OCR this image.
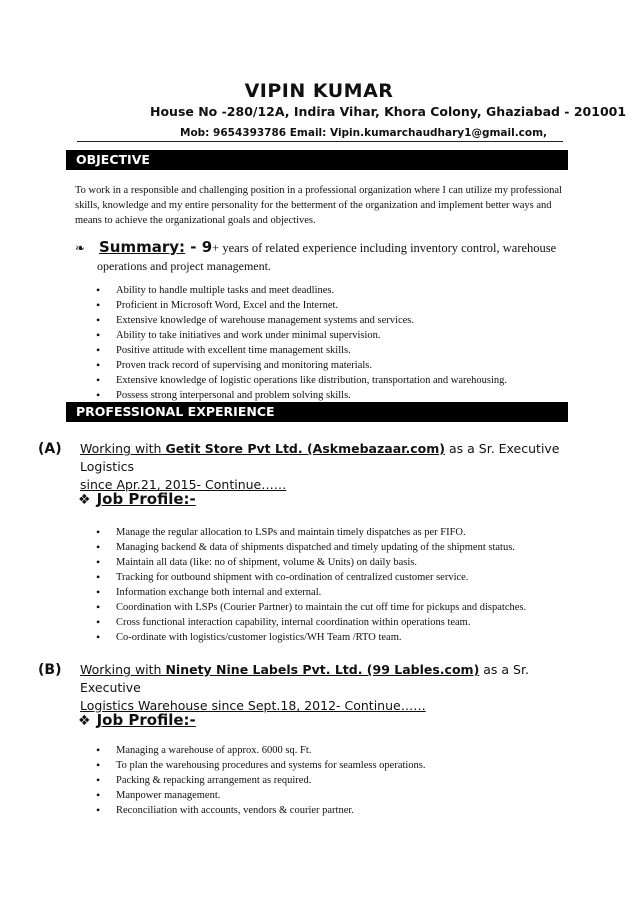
VIPIN KUMAR
House No -280/12A, Indira Vihar, Khora Colony, Ghaziabad - 201001
Mob: 9654393786 Email: Vipin.kumarchaudhary1@gmail.com,
OBJECTIVE
To work in a responsible and challenging position in a professional organization where I can utilize my professional skills, knowledge and my entire personality for the betterment of the organization and implement better ways and means to achieve the organizational goals and objectives.
❧ Summary: - 9+ years of related experience including inventory control, warehouse
operations and project management.
• Ability to handle multiple tasks and meet deadlines.
• Proficient in Microsoft Word, Excel and the Internet.
• Extensive knowledge of warehouse management systems and services.
• Ability to take initiatives and work under minimal supervision.
• Positive attitude with excellent time management skills.
• Proven track record of supervising and monitoring materials.
• Extensive knowledge of logistic operations like distribution, transportation and warehousing.
• Possess strong interpersonal and problem solving skills.
PROFESSIONAL EXPERIENCE
(A) Working with Getit Store Pvt Ltd. (Askmebazaar.com) as a Sr. Executive Logistics
since Apr.21, 2015- Continue……
❖ Job Profile:-
• Manage the regular allocation to LSPs and maintain timely dispatches as per FIFO.
• Managing backend & data of shipments dispatched and timely updating of the shipment status.
• Maintain all data (like: no of shipment, volume & Units) on daily basis.
• Tracking for outbound shipment with co-ordination of centralized customer service.
• Information exchange both internal and external.
• Coordination with LSPs (Courier Partner) to maintain the cut off time for pickups and dispatches.
• Cross functional interaction capability, internal coordination within operations team.
• Co-ordinate with logistics/customer logistics/WH Team /RTO team.
(B) Working with Ninety Nine Labels Pvt. Ltd. (99 Lables.com) as a Sr. Executive
Logistics Warehouse since Sept.18, 2012- Continue……
❖ Job Profile:-
• Managing a warehouse of approx. 6000 sq. Ft.
• To plan the warehousing procedures and systems for seamless operations.
• Packing & repacking arrangement as required.
• Manpower management.
• Reconciliation with accounts, vendors & courier partner.
